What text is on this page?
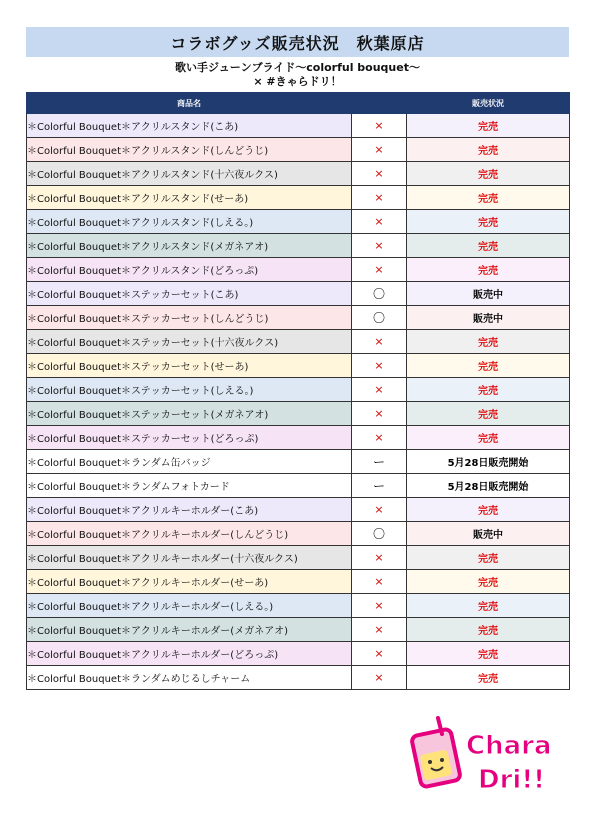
コラボグッズ販売状況　秋葉原店
歌い手ジューンブライド～colorful bouquet～
× #きゃらドリ！
商品名		販売状況
＊Colorful Bouquet＊アクリルスタンド(こあ)	×	完売
＊Colorful Bouquet＊アクリルスタンド(しんどうじ)	×	完売
＊Colorful Bouquet＊アクリルスタンド(十六夜ルクス)	×	完売
＊Colorful Bouquet＊アクリルスタンド(せーあ)	×	完売
＊Colorful Bouquet＊アクリルスタンド(しえる。)	×	完売
＊Colorful Bouquet＊アクリルスタンド(メガネアオ)	×	完売
＊Colorful Bouquet＊アクリルスタンド(どろっぷ)	×	完売
＊Colorful Bouquet＊ステッカーセット(こあ)	〇	販売中
＊Colorful Bouquet＊ステッカーセット(しんどうじ)	〇	販売中
＊Colorful Bouquet＊ステッカーセット(十六夜ルクス)	×	完売
＊Colorful Bouquet＊ステッカーセット(せーあ)	×	完売
＊Colorful Bouquet＊ステッカーセット(しえる。)	×	完売
＊Colorful Bouquet＊ステッカーセット(メガネアオ)	×	完売
＊Colorful Bouquet＊ステッカーセット(どろっぷ)	×	完売
＊Colorful Bouquet＊ランダム缶バッジ	ー	5月28日販売開始
＊Colorful Bouquet＊ランダムフォトカード	ー	5月28日販売開始
＊Colorful Bouquet＊アクリルキーホルダー(こあ)	×	完売
＊Colorful Bouquet＊アクリルキーホルダー(しんどうじ)	〇	販売中
＊Colorful Bouquet＊アクリルキーホルダー(十六夜ルクス)	×	完売
＊Colorful Bouquet＊アクリルキーホルダー(せーあ)	×	完売
＊Colorful Bouquet＊アクリルキーホルダー(しえる。)	×	完売
＊Colorful Bouquet＊アクリルキーホルダー(メガネアオ)	×	完売
＊Colorful Bouquet＊アクリルキーホルダー(どろっぷ)	×	完売
＊Colorful Bouquet＊ランダムめじるしチャーム	×	完売
Chara
Dri!!
